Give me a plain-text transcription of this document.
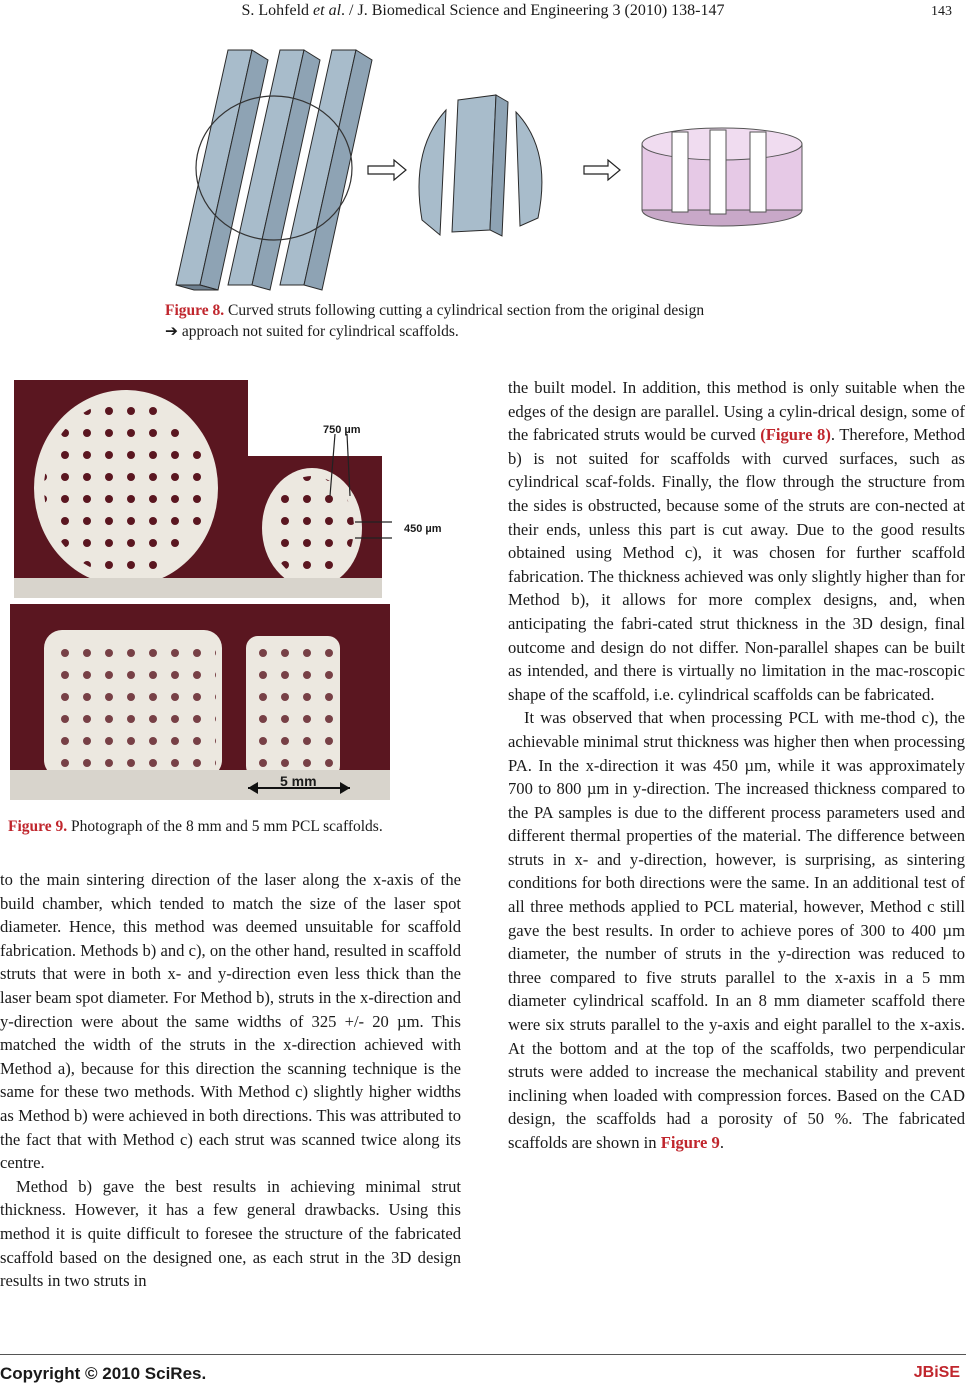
S. Lohfeld et al. / J. Biomedical Science and Engineering 3 (2010) 138-147	143
Figure 8. Curved struts following cutting a cylindrical section from the original design
➔ approach not suited for cylindrical scaffolds.
750 µm
450 µm
5 mm
Figure 9. Photograph of the 8 mm and 5 mm PCL scaffolds.

to the main sintering direction of the laser along the x-axis of the build chamber, which tended to match the size of the laser spot diameter. Hence, this method was deemed unsuitable for scaffold fabrication. Methods b) and c), on the other hand, resulted in scaffold struts that were in both x- and y-direction even less thick than the laser beam spot diameter. For Method b), struts in the x-direction and y-direction were about the same widths of 325 +/- 20 µm. This matched the width of the struts in the x-direction achieved with Method a), because for this direction the scanning technique is the same for these two methods. With Method c) slightly higher widths as Method b) were achieved in both directions. This was attributed to the fact that with Method c) each strut was scanned twice along its centre.

Method b) gave the best results in achieving minimal strut thickness. However, it has a few general drawbacks. Using this method it is quite difficult to foresee the structure of the fabricated scaffold based on the designed one, as each strut in the 3D design results in two struts in

the built model. In addition, this method is only suitable when the edges of the design are parallel. Using a cylin-drical design, some of the fabricated struts would be curved (Figure 8). Therefore, Method b) is not suited for scaffolds with curved surfaces, such as cylindrical scaf-folds. Finally, the flow through the structure from the sides is obstructed, because some of the struts are con-nected at their ends, unless this part is cut away. Due to the good results obtained using Method c), it was chosen for further scaffold fabrication. The thickness achieved was only slightly higher than for Method b), it allows for more complex designs, and, when anticipating the fabri-cated strut thickness in the 3D design, final outcome and design do not differ. Non-parallel shapes can be built as intended, and there is virtually no limitation in the mac-roscopic shape of the scaffold, i.e. cylindrical scaffolds can be fabricated.

It was observed that when processing PCL with me-thod c), the achievable minimal strut thickness was higher then when processing PA. In the x-direction it was 450 µm, while it was approximately 700 to 800 µm in y-direction. The increased thickness compared to the PA samples is due to the different process parameters used and different thermal properties of the material. The difference between struts in x- and y-direction, however, is surprising, as sintering conditions for both directions were the same. In an additional test of all three methods applied to PCL material, however, Method c still gave the best results. In order to achieve pores of 300 to 400 µm diameter, the number of struts in the y-direction was reduced to three compared to five struts parallel to the x-axis in a 5 mm diameter cylindrical scaffold. In an 8 mm diameter scaffold there were six struts parallel to the y-axis and eight parallel to the x-axis. At the bottom and at the top of the scaffolds, two perpendicular struts were added to increase the mechanical stability and prevent inclining when loaded with compression forces. Based on the CAD design, the scaffolds had a porosity of 50 %. The fabricated scaffolds are shown in Figure 9.

Copyright © 2010 SciRes.	JBiSE
